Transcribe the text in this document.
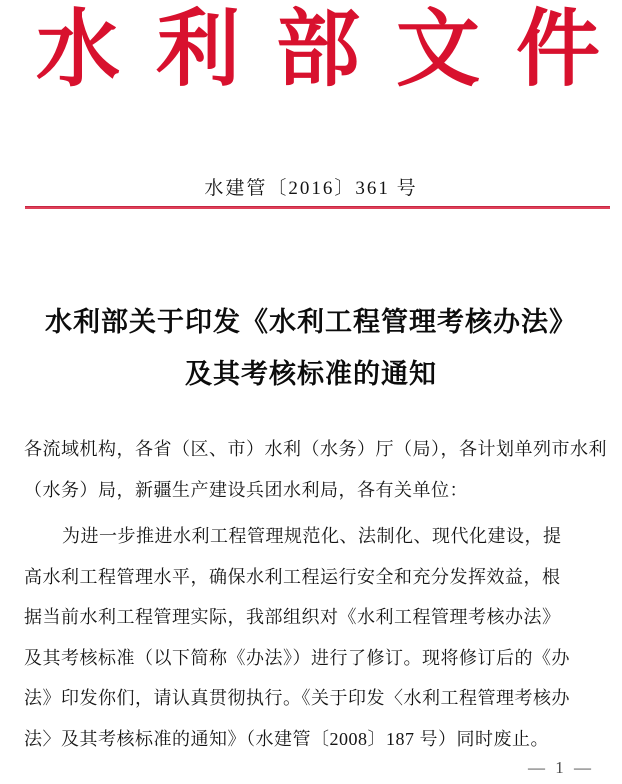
水 利 部 文 件
水建管〔2016〕361 号
水利部关于印发《水利工程管理考核办法》
及其考核标准的通知
各流域机构，各省（区、市）水利（水务）厅（局），各计划单列市水利
（水务）局，新疆生产建设兵团水利局，各有关单位：
为进一步推进水利工程管理规范化、法制化、现代化建设，提
高水利工程管理水平，确保水利工程运行安全和充分发挥效益，根
据当前水利工程管理实际，我部组织对《水利工程管理考核办法》
及其考核标准（以下简称《办法》）进行了修订。现将修订后的《办
法》印发你们，请认真贯彻执行。《关于印发〈水利工程管理考核办
法〉及其考核标准的通知》（水建管〔2008〕187 号）同时废止。
— 1 —
